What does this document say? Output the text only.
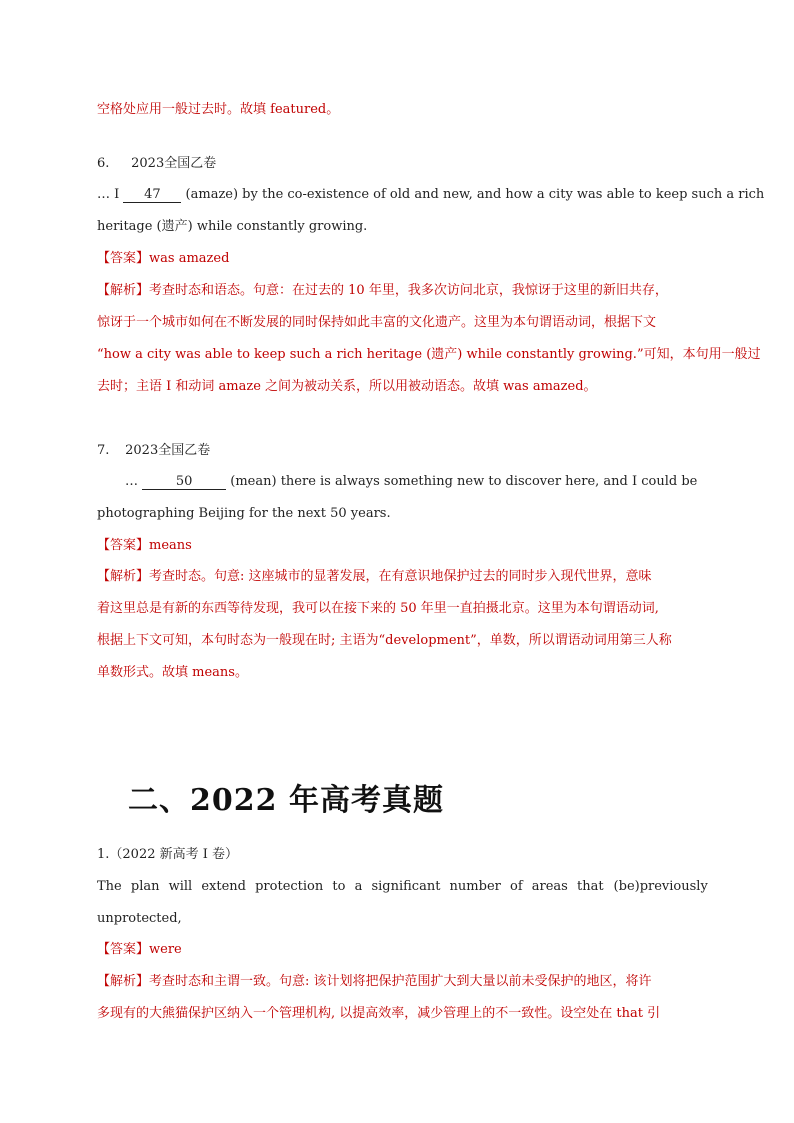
空格处应用一般过去时。故填 featured。
6. 2023全国乙卷
… I 47 (amaze) by the co-existence of old and new, and how a city was able to keep such a rich
heritage (遗产) while constantly growing.
【答案】was amazed
【解析】考查时态和语态。句意：在过去的 10 年里，我多次访问北京，我惊讶于这里的新旧共存，
惊讶于一个城市如何在不断发展的同时保持如此丰富的文化遗产。这里为本句谓语动词，根据下文
“how a city was able to keep such a rich heritage (遗产) while constantly growing.”可知，本句用一般过
去时；主语 I 和动词 amaze 之间为被动关系，所以用被动语态。故填 was amazed。
7. 2023全国乙卷
…	50	(mean) there is always something new to discover here, and I could be
photographing Beijing for the next 50 years.
【答案】means
【解析】考查时态。句意: 这座城市的显著发展，在有意识地保护过去的同时步入现代世界，意味
着这里总是有新的东西等待发现，我可以在接下来的 50 年里一直拍摄北京。这里为本句谓语动词,
根据上下文可知，本句时态为一般现在时; 主语为“development”，单数，所以谓语动词用第三人称
单数形式。故填 means。
二、2022 年高考真题
1.（2022 新高考 I 卷）
The plan will extend protection to a significant number of areas that (be)previously
unprotected,
【答案】were
【解析】考查时态和主谓一致。句意: 该计划将把保护范围扩大到大量以前未受保护的地区，将许
多现有的大熊猫保护区纳入一个管理机构, 以提高效率，减少管理上的不一致性。设空处在 that 引
